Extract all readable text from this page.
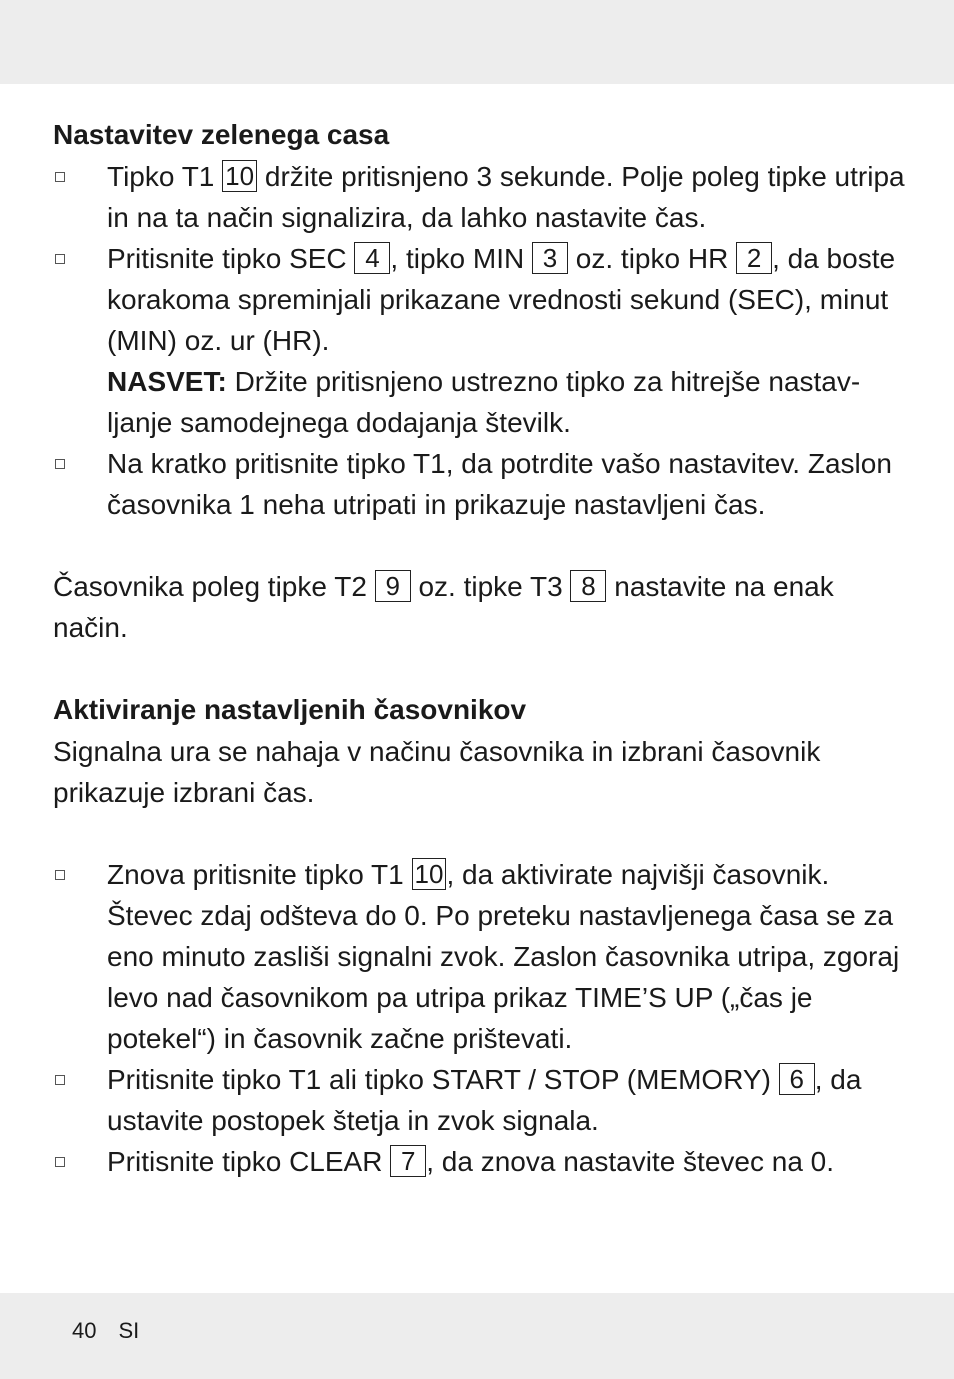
Nastavitev zelenega casa
Tipko T1 10 držite pritisnjeno 3 sekunde. Polje poleg tipke utripa in na ta način signalizira, da lahko nastavite čas.
Pritisnite tipko SEC 4 , tipko MIN 3 oz. tipko HR 2 , da boste korakoma spreminjali prikazane vrednosti sekund (SEC), minut (MIN) oz. ur (HR).
NASVET: Držite pritisnjeno ustrezno tipko za hitrejše nastavljanje samodejnega dodajanja številk.
Na kratko pritisnite tipko T1, da potrdite vašo nastavitev. Zaslon časovnika 1 neha utripati in prikazuje nastavljeni čas.

Časovnika poleg tipke T2 9 oz. tipke T3 8 nastavite na enak način.

Aktiviranje nastavljenih časovnikov

Signalna ura se nahaja v načinu časovnika in izbrani časovnik prikazuje izbrani čas.

Znova pritisnite tipko T1 10 , da aktivirate najvišji časovnik. Števec zdaj odšteva do 0. Po preteku nastavljenega časa se za eno minuto zasliši signalni zvok. Zaslon časovnika utripa, zgoraj levo nad časovnikom pa utripa prikaz TIME’S UP („čas je potekel“) in časovnik začne prištevati.
Pritisnite tipko T1 ali tipko START / STOP (MEMORY) 6 , da ustavite postopek štetja in zvok signala.
Pritisnite tipko CLEAR 7 , da znova nastavite števec na 0.
40 SI
